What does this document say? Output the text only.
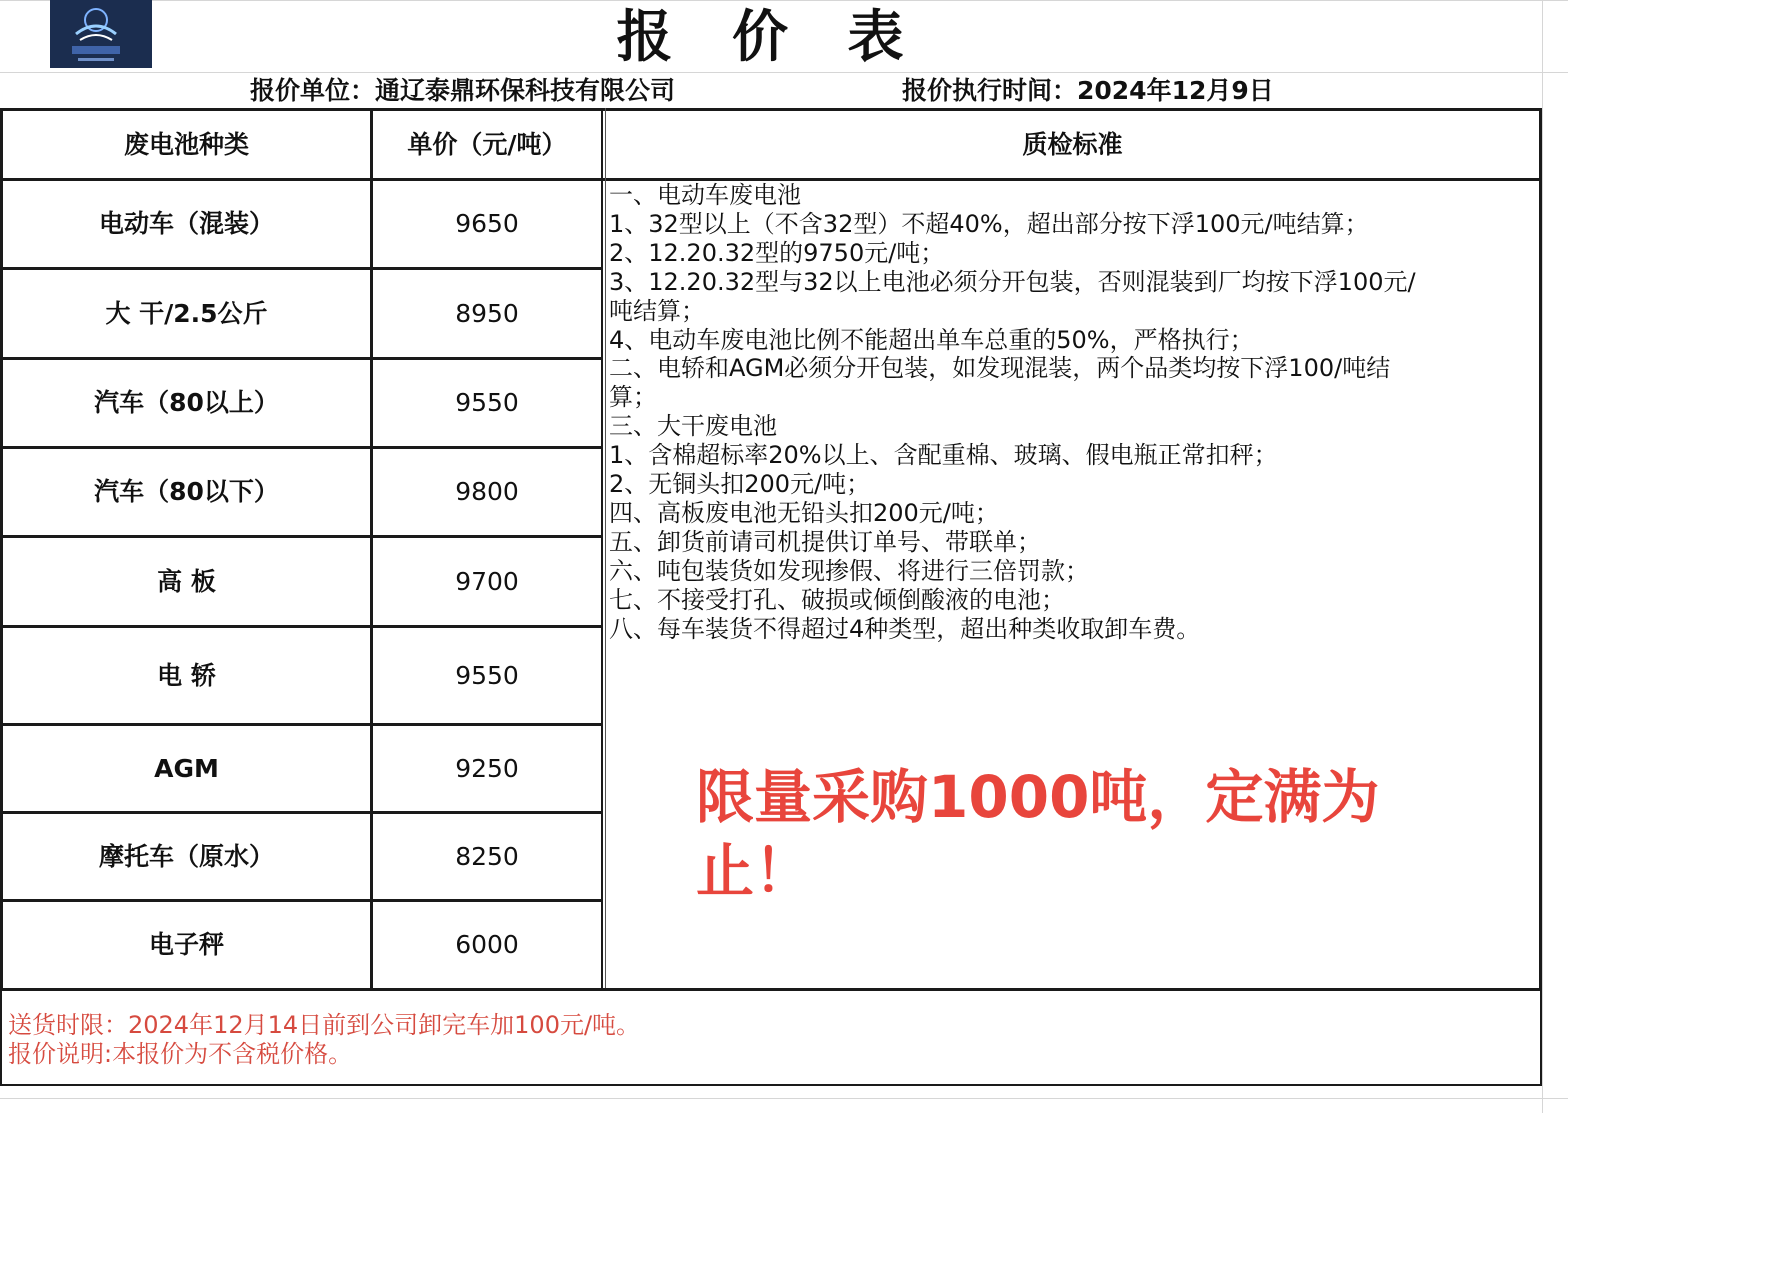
报 价 表
报价单位：通辽泰鼎环保科技有限公司	报价执行时间：2024年12月9日
废电池种类	单价（元/吨）	质检标准
电动车（混装）	9650
大 干/2.5公斤	8950
汽车（80以上）	9550
汽车（80以下）	9800
高 板	9700
电 轿	9550
AGM	9250
摩托车（原水）	8250
电子秤	6000
一、电动车废电池
1、32型以上（不含32型）不超40%，超出部分按下浮100元/吨结算；
2、12.20.32型的9750元/吨；
3、12.20.32型与32以上电池必须分开包装，否则混装到厂均按下浮100元/
吨结算；
4、电动车废电池比例不能超出单车总重的50%，严格执行；
二、电轿和AGM必须分开包装，如发现混装，两个品类均按下浮100/吨结
算；
三、大干废电池
1、含棉超标率20%以上、含配重棉、玻璃、假电瓶正常扣秤；
2、无铜头扣200元/吨；
四、高板废电池无铅头扣200元/吨；
五、卸货前请司机提供订单号、带联单；
六、吨包装货如发现掺假、将进行三倍罚款；
七、不接受打孔、破损或倾倒酸液的电池；
八、每车装货不得超过4种类型，超出种类收取卸车费。
限量采购1000吨，定满为
止！
送货时限：2024年12月14日前到公司卸完车加100元/吨。
报价说明:本报价为不含税价格。
